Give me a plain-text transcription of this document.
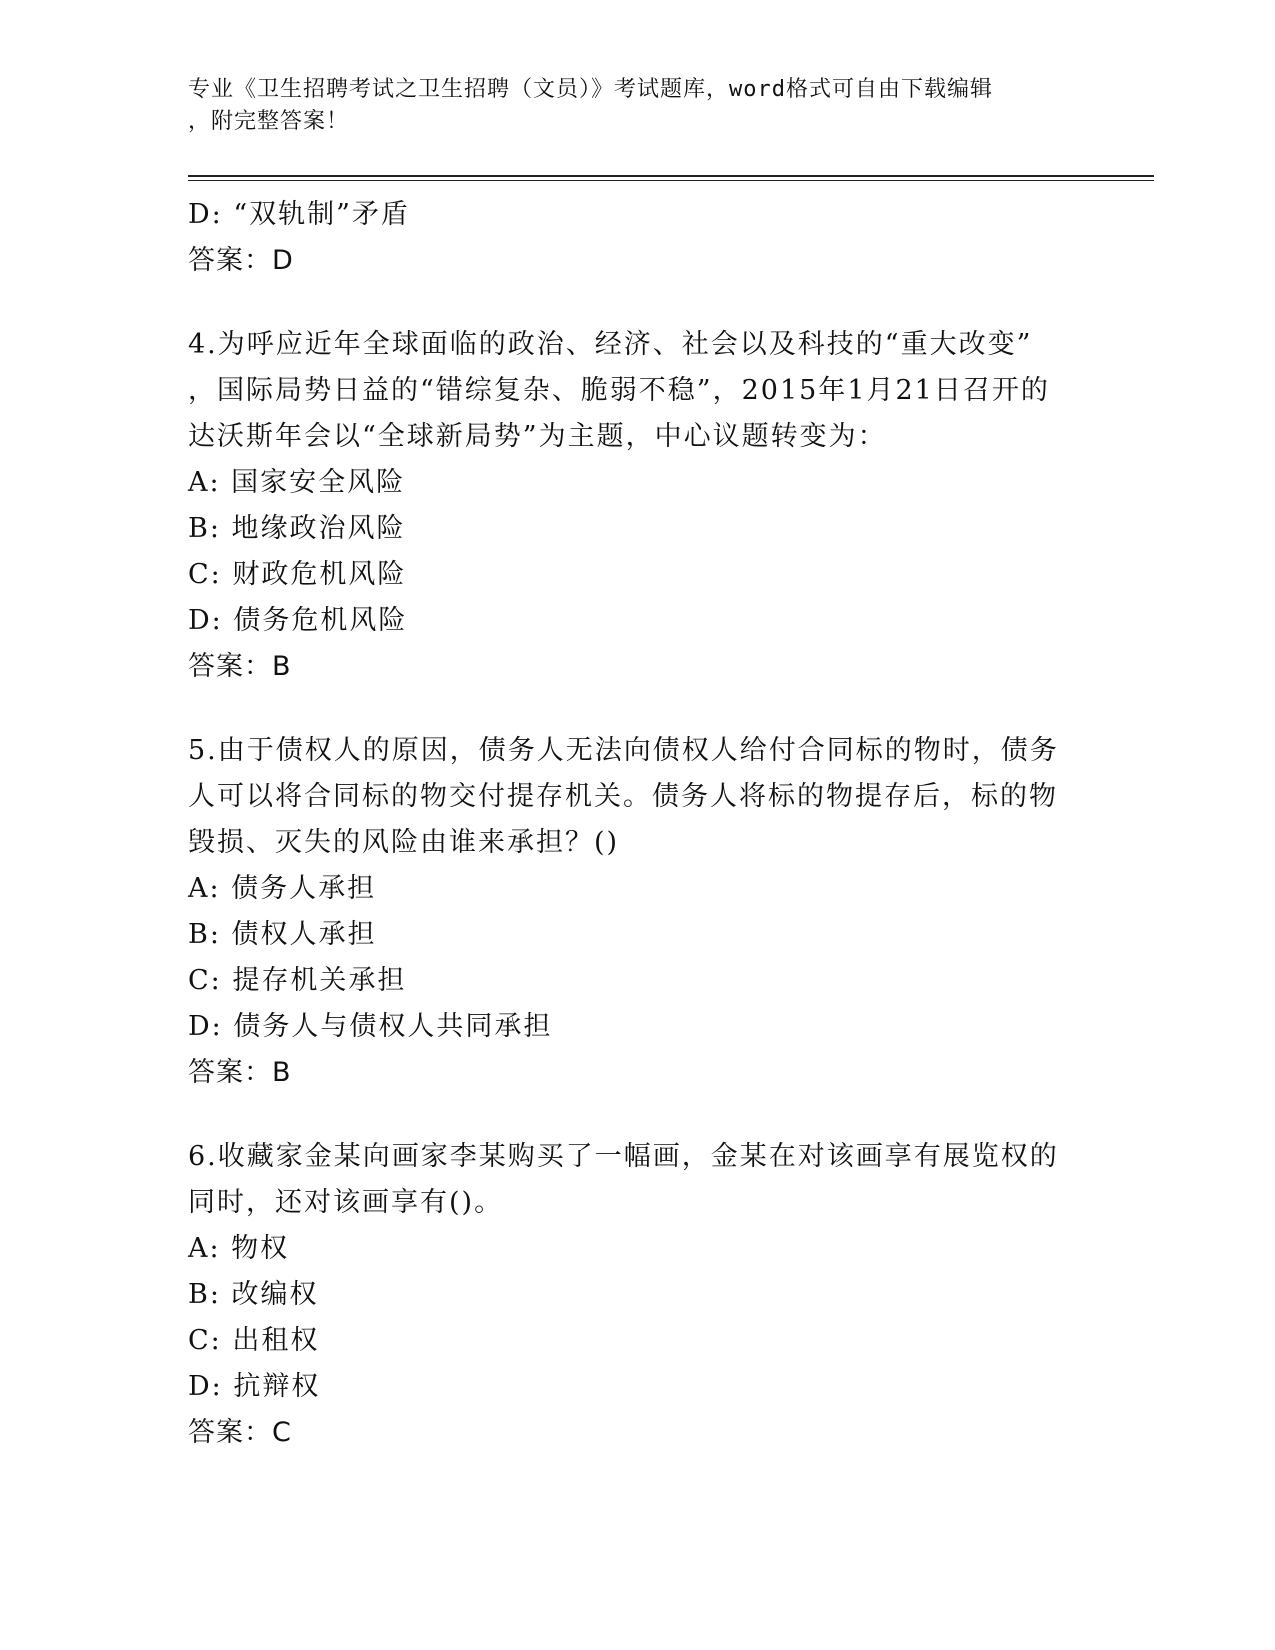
专业《卫生招聘考试之卫生招聘（文员）》考试题库，word格式可自由下载编辑
，附完整答案！
D: “双轨制”矛盾
答案：D
4.为呼应近年全球面临的政治、经济、社会以及科技的“重大改变”
，国际局势日益的“错综复杂、脆弱不稳”，2015年1月21日召开的
达沃斯年会以“全球新局势”为主题，中心议题转变为：
A: 国家安全风险
B: 地缘政治风险
C: 财政危机风险
D: 债务危机风险
答案：B
5.由于债权人的原因，债务人无法向债权人给付合同标的物时，债务
人可以将合同标的物交付提存机关。债务人将标的物提存后，标的物
毁损、灭失的风险由谁来承担？()
A: 债务人承担
B: 债权人承担
C: 提存机关承担
D: 债务人与债权人共同承担
答案：B
6.收藏家金某向画家李某购买了一幅画，金某在对该画享有展览权的
同时，还对该画享有()。
A: 物权
B: 改编权
C: 出租权
D: 抗辩权
答案：C
